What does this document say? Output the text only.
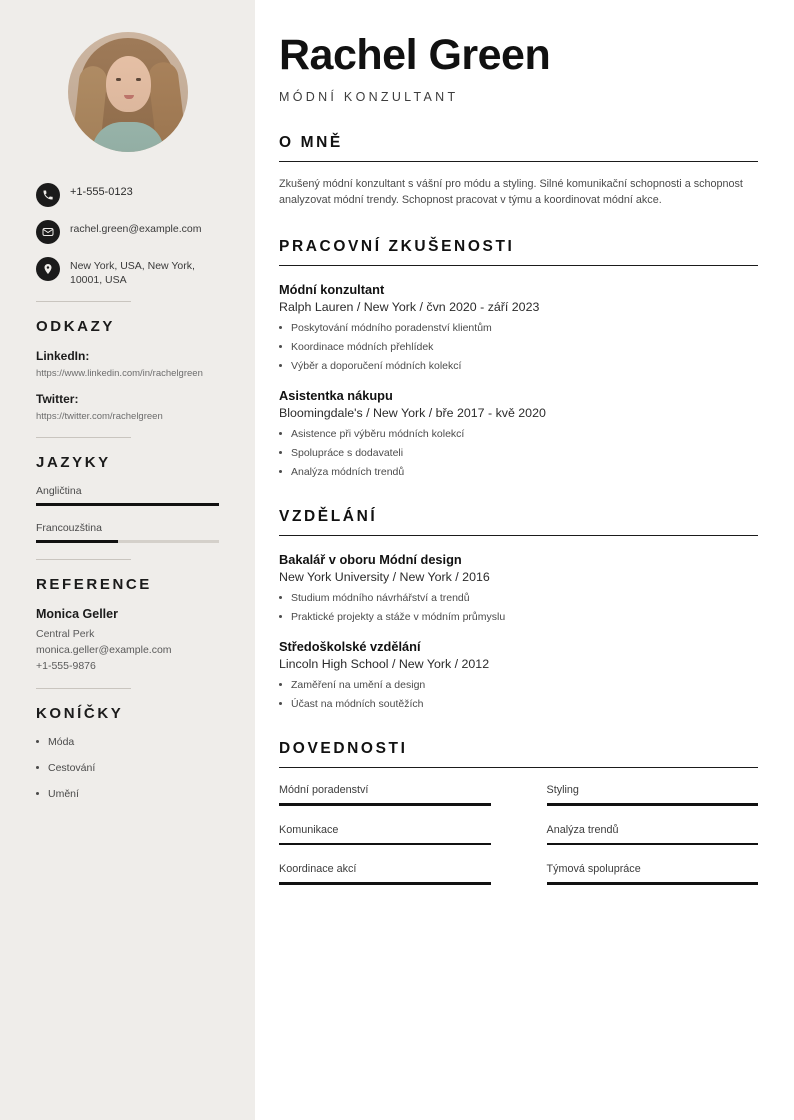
+1-555-0123
rachel.green@example.com
New York, USA, New York, 10001, USA
ODKAZY
LinkedIn:
https://www.linkedin.com/in/rachelgreen
Twitter:
https://twitter.com/rachelgreen
JAZYKY
Angličtina
Francouzština
REFERENCE
Monica Geller
Central Perk
monica.geller@example.com
+1-555-9876
KONÍČKY
Móda
Cestování
Umění
Rachel Green
MÓDNÍ KONZULTANT
O MNĚ

Zkušený módní konzultant s vášní pro módu a styling. Silné komunikační schopnosti a schopnost analyzovat módní trendy. Schopnost pracovat v týmu a koordinovat módní akce.

PRACOVNÍ ZKUŠENOSTI
Módní konzultant
Ralph Lauren / New York / čvn 2020 - září 2023
Poskytování módního poradenství klientům
Koordinace módních přehlídek
Výběr a doporučení módních kolekcí
Asistentka nákupu
Bloomingdale's / New York / bře 2017 - kvě 2020
Asistence při výběru módních kolekcí
Spolupráce s dodavateli
Analýza módních trendů
VZDĚLÁNÍ
Bakalář v oboru Módní design
New York University / New York / 2016
Studium módního návrhářství a trendů
Praktické projekty a stáže v módním průmyslu
Středoškolské vzdělání
Lincoln High School / New York / 2012
Zaměření na umění a design
Účast na módních soutěžích
DOVEDNOSTI
Módní poradenství	Styling
Komunikace	Analýza trendů
Koordinace akcí	Týmová spolupráce
